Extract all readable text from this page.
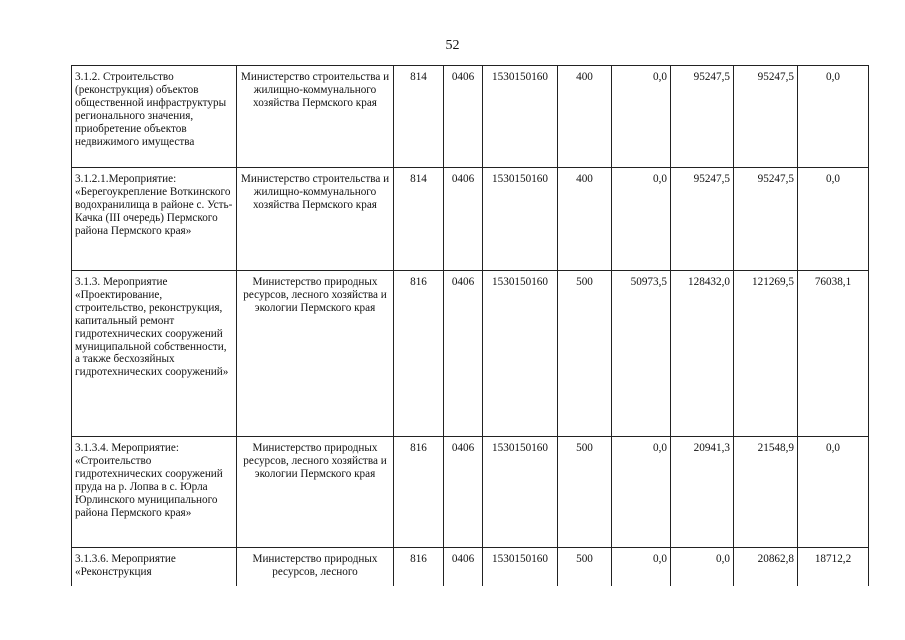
52
3.1.2. Строительство (реконструкция) объектов общественной инфраструктуры регионального значения, приобретение объектов недвижимого имущества	Министерство строительства и жилищно-коммунального хозяйства Пермского края	814	0406	1530150160	400	0,0	95247,5	95247,5	0,0
3.1.2.1.Мероприятие: «Берегоукрепление Воткинского водохранилища в районе с. Усть-Качка (III очередь) Пермского района Пермского края»	Министерство строительства и жилищно-коммунального хозяйства Пермского края	814	0406	1530150160	400	0,0	95247,5	95247,5	0,0
3.1.3. Мероприятие «Проектирование, строительство, реконструкция, капитальный ремонт гидротехнических сооружений муниципальной собственности, а также бесхозяйных гидротехнических сооружений»	Министерство природных ресурсов, лесного хозяйства и экологии Пермского края	816	0406	1530150160	500	50973,5	128432,0	121269,5	76038,1
3.1.3.4. Мероприятие: «Строительство гидротехнических сооружений пруда на р. Лопва в с. Юрла Юрлинского муниципального района Пермского края»	Министерство природных ресурсов, лесного хозяйства и экологии Пермского края	816	0406	1530150160	500	0,0	20941,3	21548,9	0,0
3.1.3.6. Мероприятие «Реконструкция	Министерство природных ресурсов, лесного	816	0406	1530150160	500	0,0	0,0	20862,8	18712,2
